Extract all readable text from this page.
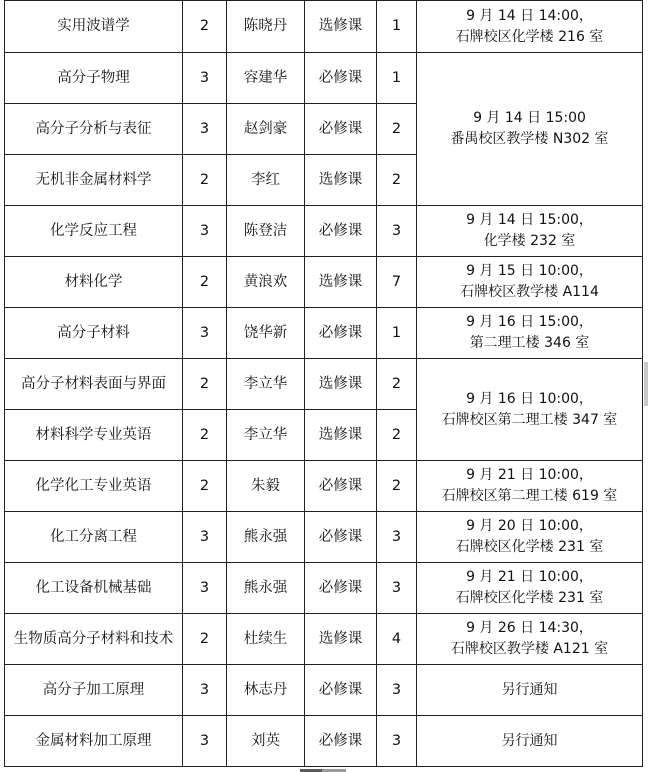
实用波谱学	2	陈晓丹	选修课	1	9 月 14 日 14:00，
石牌校区化学楼 216 室

高分子物理	3	容建华	必修课	1	9 月 14 日 15:00
番禺校区教学楼 N302 室

高分子分析与表征	3	赵剑豪	必修课	2	
无机非金属材料学	2	李红	选修课	2	
化学反应工程	3	陈登洁	必修课	3	9 月 14 日 15:00，
化学楼 232 室

材料化学	2	黄浪欢	选修课	7	9 月 15 日 10:00，
石牌校区教学楼 A114

高分子材料	3	饶华新	必修课	1	9 月 16 日 15:00，
第二理工楼 346 室

高分子材料表面与界面	2	李立华	选修课	2	9 月 16 日 10:00，
石牌校区第二理工楼 347 室

材料科学专业英语	2	李立华	选修课	2	
化学化工专业英语	2	朱毅	必修课	2	9 月 21 日 10:00，
石牌校区第二理工楼 619 室

化工分离工程	3	熊永强	必修课	3	9 月 20 日 10:00，
石牌校区化学楼 231 室

化工设备机械基础	3	熊永强	必修课	3	9 月 21 日 10:00，
石牌校区化学楼 231 室

生物质高分子材料和技术	2	杜续生	选修课	4	9 月 26 日 14:30，
石牌校区教学楼 A121 室

高分子加工原理	3	林志丹	必修课	3	另行通知

金属材料加工原理	3	刘英	必修课	3	另行通知
